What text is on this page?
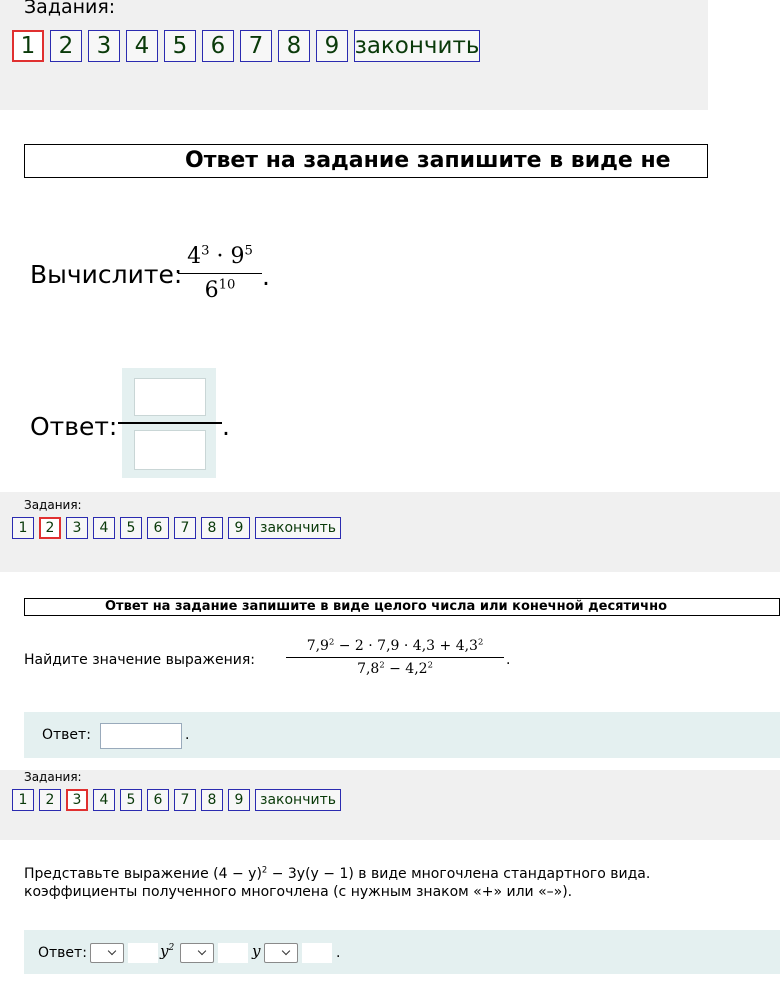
Задания:
1	2	3	4	5	6	7	8	9 закончить
Ответ на задание запишите в виде не
Вычислите:
$4^3 \cdot 9^5$
$6^{10}$	.
Ответ:	.
Задания:
1	2	3	4	5	6	7	8	9	закончить
Ответ на задание запишите в виде целого числа или конечной десятично
Найдите значение выражения:
$7,9^2 - 2 \cdot 7,9 \cdot 4,3 + 4,3^2$
$7,8^2 - 4,2^2$	.
Ответ:	.
Задания:
1	2	3	4	5	6	7	8	9	закончить
Представьте выражение $(4 - y)^2 - 3y(y - 1)$ в виде многочлена стандартного вида.
коэффициенты полученного многочлена (с нужным знаком «+» или «–»).
Ответ:	$y^2$	y	.
